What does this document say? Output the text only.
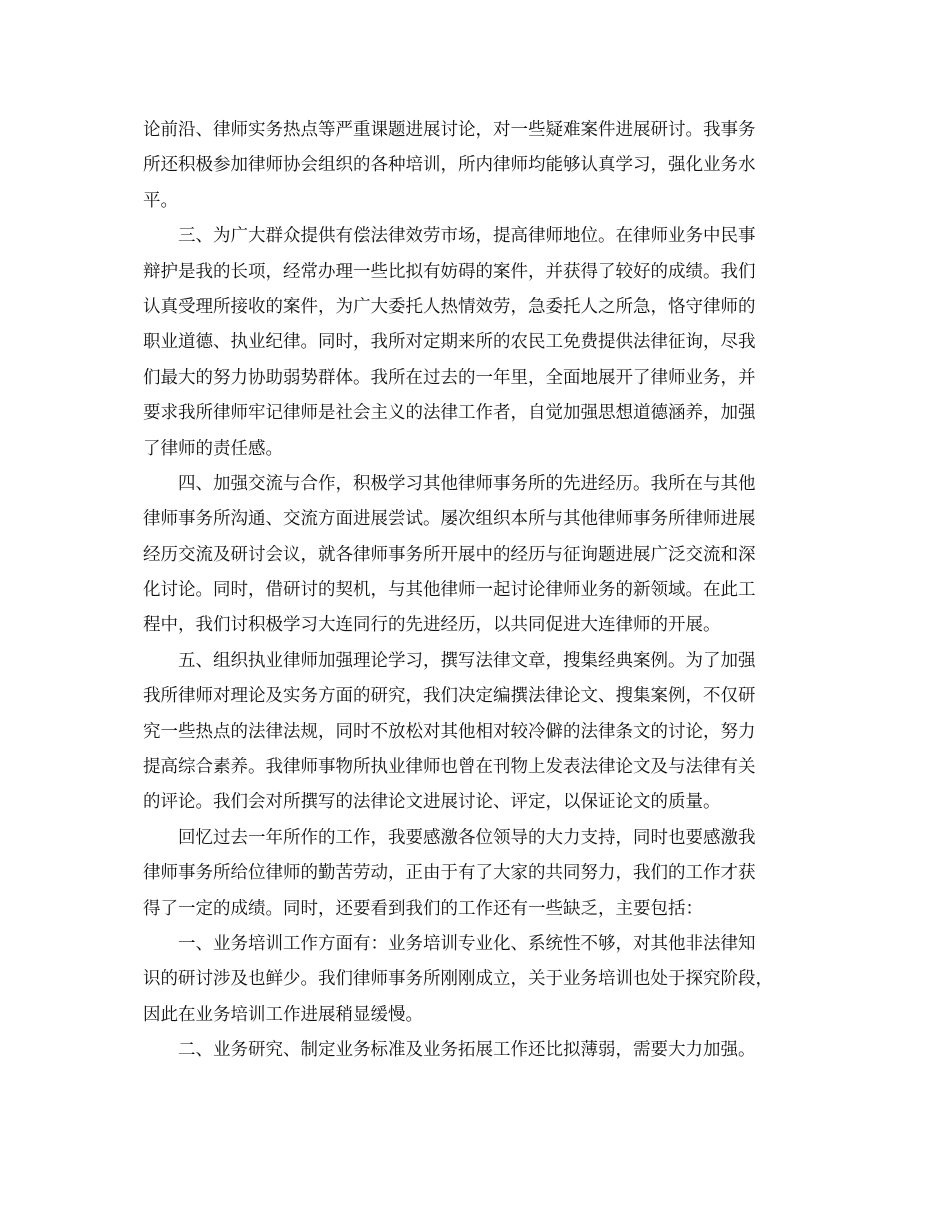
论前沿、律师实务热点等严重课题进展讨论，对一些疑难案件进展研讨。我事务
所还积极参加律师协会组织的各种培训，所内律师均能够认真学习，强化业务水
平。
三、为广大群众提供有偿法律效劳市场，提高律师地位。在律师业务中民事
辩护是我的长项，经常办理一些比拟有妨碍的案件，并获得了较好的成绩。我们
认真受理所接收的案件，为广大委托人热情效劳，急委托人之所急，恪守律师的
职业道德、执业纪律。同时，我所对定期来所的农民工免费提供法律征询，尽我
们最大的努力协助弱势群体。我所在过去的一年里，全面地展开了律师业务，并
要求我所律师牢记律师是社会主义的法律工作者，自觉加强思想道德涵养，加强
了律师的责任感。
四、加强交流与合作，积极学习其他律师事务所的先进经历。我所在与其他
律师事务所沟通、交流方面进展尝试。屡次组织本所与其他律师事务所律师进展
经历交流及研讨会议，就各律师事务所开展中的经历与征询题进展广泛交流和深
化讨论。同时，借研讨的契机，与其他律师一起讨论律师业务的新领域。在此工
程中，我们讨积极学习大连同行的先进经历，以共同促进大连律师的开展。
五、组织执业律师加强理论学习，撰写法律文章，搜集经典案例。为了加强
我所律师对理论及实务方面的研究，我们决定编撰法律论文、搜集案例，不仅研
究一些热点的法律法规，同时不放松对其他相对较冷僻的法律条文的讨论，努力
提高综合素养。我律师事物所执业律师也曾在刊物上发表法律论文及与法律有关
的评论。我们会对所撰写的法律论文进展讨论、评定，以保证论文的质量。
回忆过去一年所作的工作，我要感激各位领导的大力支持，同时也要感激我
律师事务所给位律师的勤苦劳动，正由于有了大家的共同努力，我们的工作才获
得了一定的成绩。同时，还要看到我们的工作还有一些缺乏，主要包括：
一、业务培训工作方面有：业务培训专业化、系统性不够，对其他非法律知
识的研讨涉及也鲜少。我们律师事务所刚刚成立，关于业务培训也处于探究阶段，
因此在业务培训工作进展稍显缓慢。
二、业务研究、制定业务标准及业务拓展工作还比拟薄弱，需要大力加强。
